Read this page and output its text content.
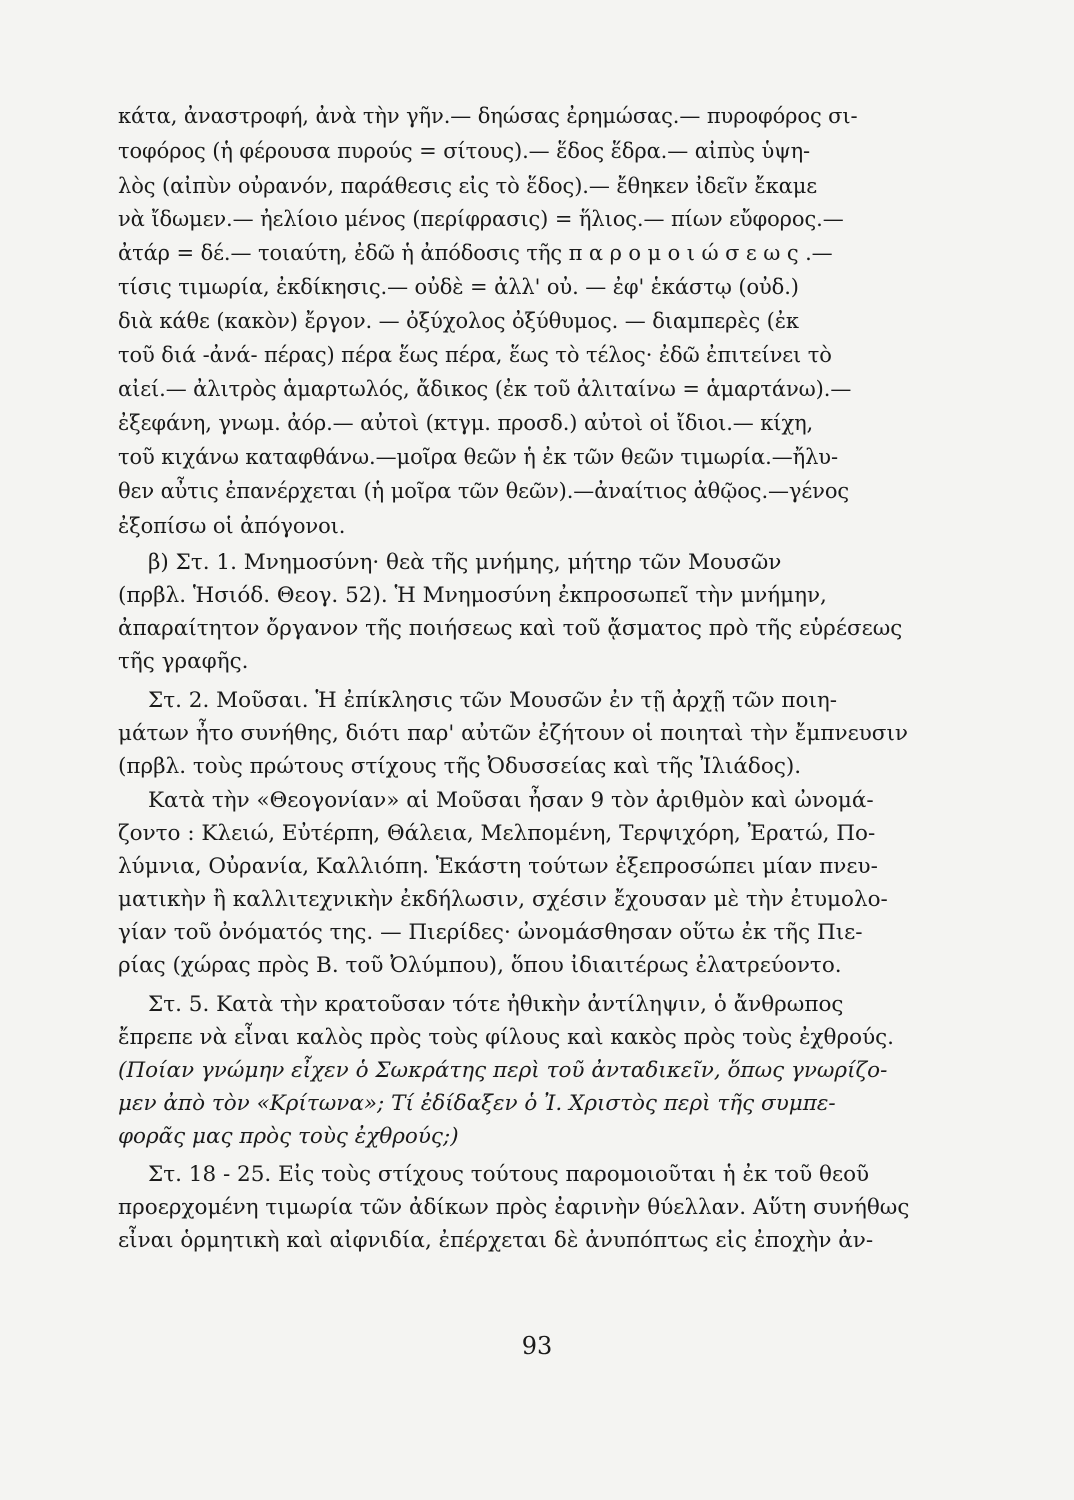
κάτα, ἀναστροφή, ἀνὰ τὴν γῆν.— δηώσας ἐρημώσας.— πυροφόρος σι-
τοφόρος (ἡ φέρουσα πυρούς = σίτους).— ἕδος ἕδρα.— αἰπὺς ὑψη-
λὸς (αἰπὺν οὐρανόν, παράθεσις εἰς τὸ ἕδος).— ἔθηκεν ἰδεῖν ἔκαμε
νὰ ἴδωμεν.— ἠελίοιο μένος (περίφρασις) = ἥλιος.— πίων εὔφορος.—
ἀτάρ = δέ.— τοιαύτη, ἐδῶ ἡ ἀπόδοσις τῆς π α ρ ο μ ο ι ώ σ ε ω ς .—
τίσις τιμωρία, ἐκδίκησις.— οὐδὲ = ἀλλ' οὐ. — ἐφ' ἑκάστῳ (οὐδ.)
διὰ κάθε (κακὸν) ἔργον. — ὀξύχολος ὀξύθυμος. — διαμπερὲς (ἐκ
τοῦ διά -ἀνά- πέρας) πέρα ἕως πέρα, ἕως τὸ τέλος· ἐδῶ ἐπιτείνει τὸ
αἰεί.— ἀλιτρὸς ἁμαρτωλός, ἄδικος (ἐκ τοῦ ἀλιταίνω = ἁμαρτάνω).—
ἐξεφάνη, γνωμ. ἀόρ.— αὐτοὶ (κτγμ. προσδ.) αὐτοὶ οἱ ἴδιοι.— κίχη,
τοῦ κιχάνω καταφθάνω.—μοῖρα θεῶν ἡ ἐκ τῶν θεῶν τιμωρία.—ἤλυ-
θεν αὖτις ἐπανέρχεται (ἡ μοῖρα τῶν θεῶν).—ἀναίτιος ἀθῷος.—γένος
ἐξοπίσω οἱ ἀπόγονοι.
β) Στ. 1. Μνημοσύνη· θεὰ τῆς μνήμης, μήτηρ τῶν Μουσῶν
(πρβλ. Ἡσιόδ. Θεογ. 52). Ἡ Μνημοσύνη ἐκπροσωπεῖ τὴν μνήμην,
ἀπαραίτητον ὄργανον τῆς ποιήσεως καὶ τοῦ ᾄσματος πρὸ τῆς εὑρέσεως
τῆς γραφῆς.
Στ. 2. Μοῦσαι. Ἡ ἐπίκλησις τῶν Μουσῶν ἐν τῇ ἀρχῇ τῶν ποιη-
μάτων ἦτο συνήθης, διότι παρ' αὐτῶν ἐζήτουν οἱ ποιηταὶ τὴν ἔμπνευσιν
(πρβλ. τοὺς πρώτους στίχους τῆς Ὀδυσσείας καὶ τῆς Ἰλιάδος).
Κατὰ τὴν «Θεογονίαν» αἱ Μοῦσαι ἦσαν 9 τὸν ἀριθμὸν καὶ ὠνομά-
ζοντο : Κλειώ, Εὐτέρπη, Θάλεια, Μελπομένη, Τερψιχόρη, Ἐρατώ, Πο-
λύμνια, Οὐρανία, Καλλιόπη. Ἑκάστη τούτων ἐξεπροσώπει μίαν πνευ-
ματικὴν ἢ καλλιτεχνικὴν ἐκδήλωσιν, σχέσιν ἔχουσαν μὲ τὴν ἐτυμολο-
γίαν τοῦ ὀνόματός της. — Πιερίδες· ὠνομάσθησαν οὕτω ἐκ τῆς Πιε-
ρίας (χώρας πρὸς Β. τοῦ Ὀλύμπου), ὅπου ἰδιαιτέρως ἐλατρεύοντο.
Στ. 5. Κατὰ τὴν κρατοῦσαν τότε ἠθικὴν ἀντίληψιν, ὁ ἄνθρωπος
ἔπρεπε νὰ εἶναι καλὸς πρὸς τοὺς φίλους καὶ κακὸς πρὸς τοὺς ἐχθρούς.
(Ποίαν γνώμην εἶχεν ὁ Σωκράτης περὶ τοῦ ἀνταδικεῖν, ὅπως γνωρίζο-
μεν ἀπὸ τὸν «Κρίτωνα»; Τί ἐδίδαξεν ὁ Ἰ. Χριστὸς περὶ τῆς συμπε-
φορᾶς μας πρὸς τοὺς ἐχθρούς;)
Στ. 18 - 25. Εἰς τοὺς στίχους τούτους παρομοιοῦται ἡ ἐκ τοῦ θεοῦ
προερχομένη τιμωρία τῶν ἀδίκων πρὸς ἐαρινὴν θύελλαν. Αὕτη συνήθως
εἶναι ὁρμητικὴ καὶ αἰφνιδία, ἐπέρχεται δὲ ἀνυπόπτως εἰς ἐποχὴν ἀν-
93
